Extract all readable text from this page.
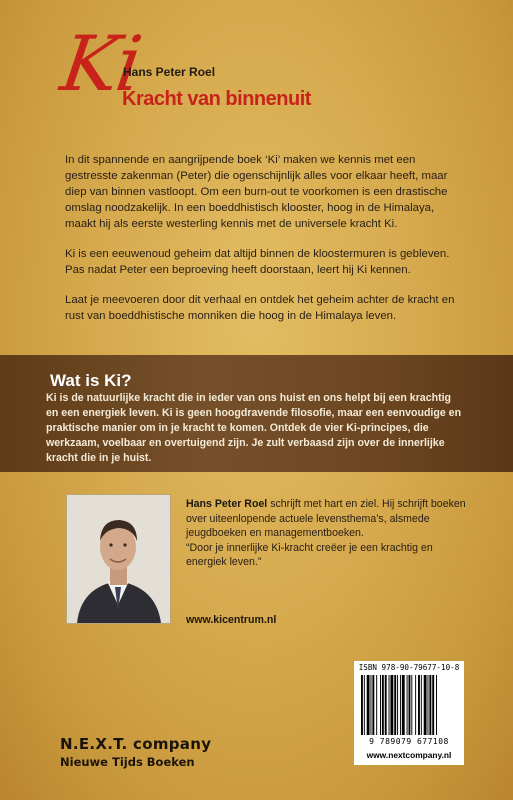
Ki
Hans Peter Roel
Kracht van binnenuit

In dit spannende en aangrijpende boek ‘Ki’ maken we kennis met een gestresste zakenman (Peter) die ogenschijnlijk alles voor elkaar heeft, maar diep van binnen vastloopt. Om een burn-out te voorkomen is een drastische omslag noodzakelijk. In een boeddhistisch klooster, hoog in de Himalaya, maakt hij als eerste westerling kennis met de universele kracht Ki.

Ki is een eeuwenoud geheim dat altijd binnen de kloostermuren is gebleven. Pas nadat Peter een beproeving heeft doorstaan, leert hij Ki kennen.

Laat je meevoeren door dit verhaal en ontdek het geheim achter de kracht en rust van boeddhistische monniken die hoog in de Himalaya leven.

Wat is Ki?

Ki is de natuurlijke kracht die in ieder van ons huist en ons helpt bij een krachtig en een energiek leven. Ki is geen hoogdravende filosofie, maar een eenvoudige en praktische manier om in je kracht te komen. Ontdek de vier Ki-principes, die werkzaam, voelbaar en overtuigend zijn. Je zult verbaasd zijn over de innerlijke kracht die in je huist.

Hans Peter Roel schrijft met hart en ziel. Hij schrijft boeken over uiteenlopende actuele levensthema’s, alsmede jeugdboeken en managementboeken.
“Door je innerlijke Ki-kracht creëer je een krachtig en energiek leven.”

www.kicentrum.nl
ISBN 978-90-79677-10-8
9 789079 677108
www.nextcompany.nl
N.E.X.T. company
Nieuwe Tijds Boeken
